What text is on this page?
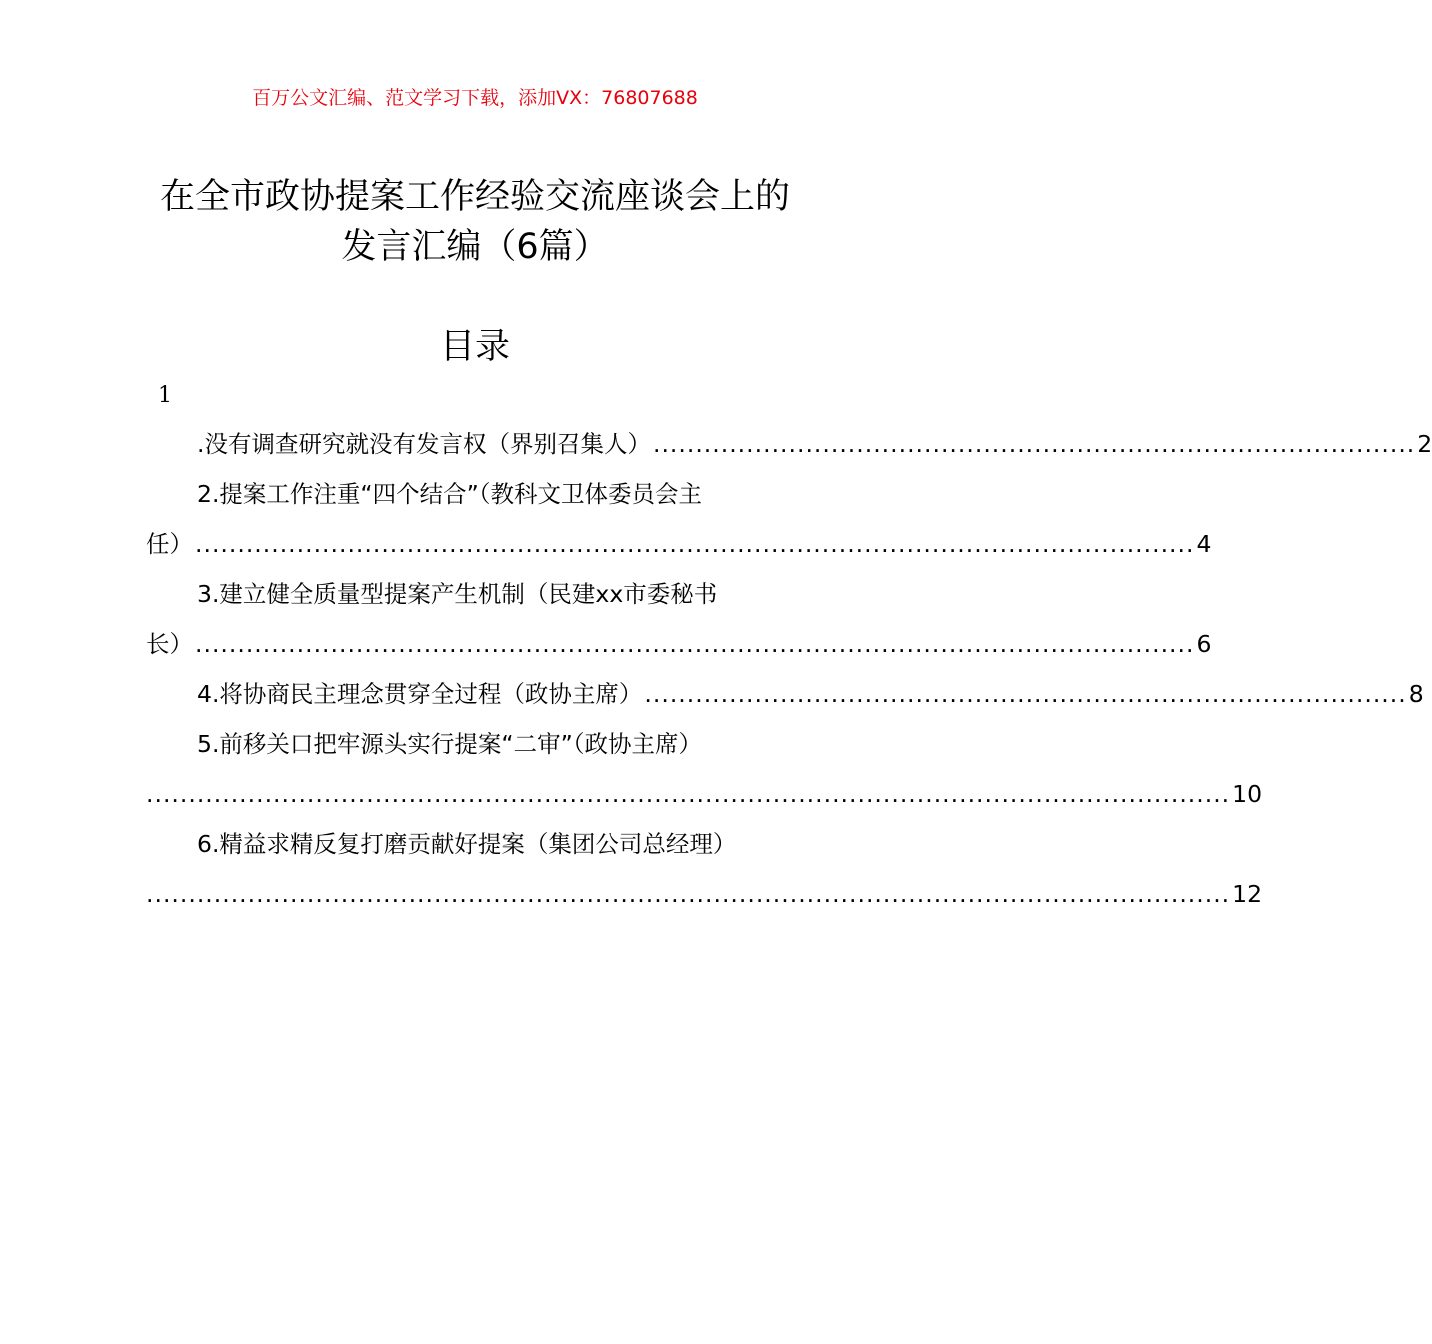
百万公文汇编、范文学习下载，添加VX：76807688
在全市政协提案工作经验交流座谈会上的
发言汇编（6篇）
目录
1
.没有调查研究就没有发言权（界别召集人） .......................................................................................... 2
2.提案工作注重“四个结合”（教科文卫体委员会主
任） ...................................................................................................................... 4
3.建立健全质量型提案产生机制（民建xx市委秘书
长） ...................................................................................................................... 6
4.将协商民主理念贯穿全过程（政协主席） .......................................................................................... 8
5.前移关口把牢源头实行提案“二审”（政协主席）
................................................................................................................................ 10
6.精益求精反复打磨贡献好提案（集团公司总经理）
................................................................................................................................ 12
